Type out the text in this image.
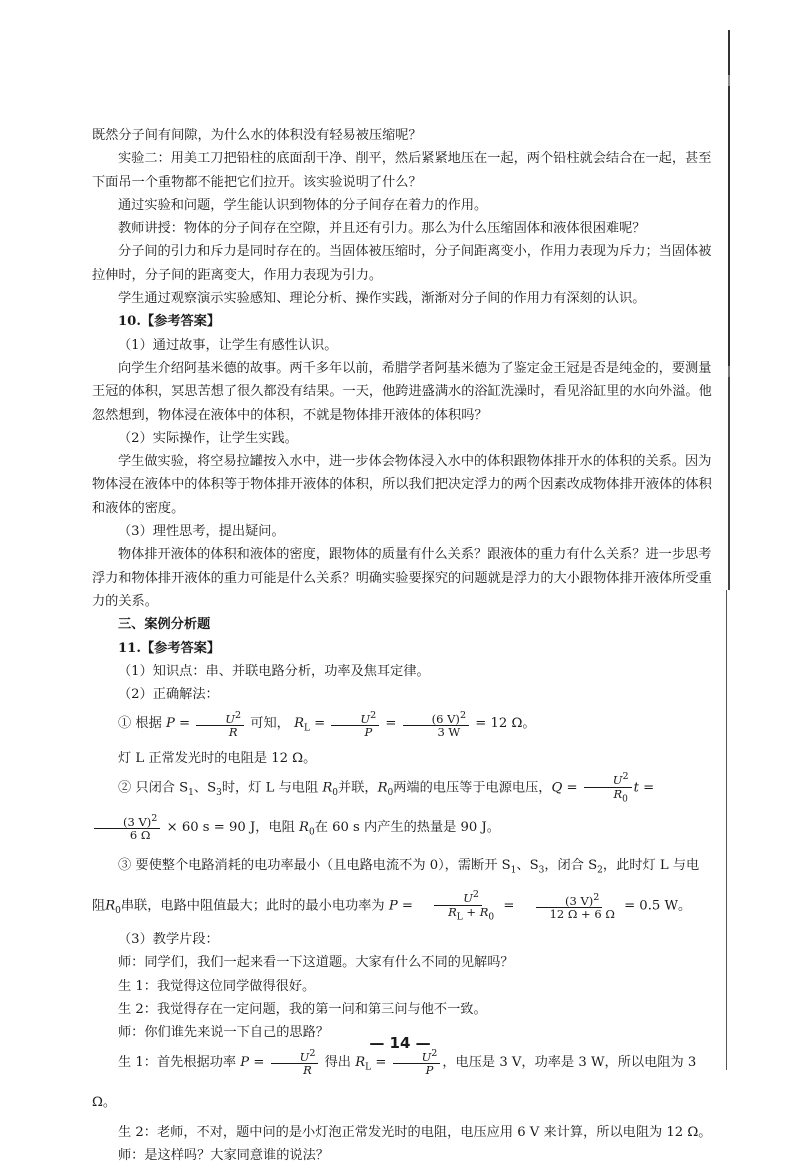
既然分子间有间隙，为什么水的体积没有轻易被压缩呢？

实验二：用美工刀把铅柱的底面刮干净、削平，然后紧紧地压在一起，两个铅柱就会结合在一起，甚至下面吊一个重物都不能把它们拉开。该实验说明了什么？

通过实验和问题，学生能认识到物体的分子间存在着力的作用。

教师讲授：物体的分子间存在空隙，并且还有引力。那么为什么压缩固体和液体很困难呢？

分子间的引力和斥力是同时存在的。当固体被压缩时，分子间距离变小，作用力表现为斥力；当固体被拉伸时，分子间的距离变大，作用力表现为引力。

学生通过观察演示实验感知、理论分析、操作实践，渐渐对分子间的作用力有深刻的认识。

10.【参考答案】

（1）通过故事，让学生有感性认识。

向学生介绍阿基米德的故事。两千多年以前，希腊学者阿基米德为了鉴定金王冠是否是纯金的，要测量王冠的体积，冥思苦想了很久都没有结果。一天，他跨进盛满水的浴缸洗澡时，看见浴缸里的水向外溢。他忽然想到，物体浸在液体中的体积，不就是物体排开液体的体积吗？

（2）实际操作，让学生实践。

学生做实验，将空易拉罐按入水中，进一步体会物体浸入水中的体积跟物体排开水的体积的关系。因为物体浸在液体中的体积等于物体排开液体的体积，所以我们把决定浮力的两个因素改成物体排开液体的体积和液体的密度。

（3）理性思考，提出疑问。

物体排开液体的体积和液体的密度，跟物体的质量有什么关系？跟液体的重力有什么关系？进一步思考浮力和物体排开液体的重力可能是什么关系？明确实验要探究的问题就是浮力的大小跟物体排开液体所受重力的关系。

三、案例分析题

11.【参考答案】

（1）知识点：串、并联电路分析，功率及焦耳定律。

（2）正确解法：

① 根据 $P = \frac{U^2}{R}$ 可知， $R_L = \frac{U^2}{P} = \frac{(6 V)^2}{3 W} = 12$ Ω。

灯 L 正常发光时的电阻是 12 Ω。

② 只闭合 $S_1$、$S_3$时，灯 L 与电阻 $R_0$并联，$R_0$两端的电压等于电源电压，$Q = \frac{U^2}{R_0}$ t =
$\frac{(3 V)^2}{6 \Omega} \times 60$ s = 90 J，电阻 $R_0$在 60 s 内产生的热量是 90 J。

③ 要使整个电路消耗的电功率最小（且电路电流不为 0），需断开 $S_1$、$S_3$，闭合 $S_2$，此时灯 L 与电阻$R_0$串联，电路中阻值最大；此时的最小电功率为 $P = \frac{U^2}{R_L + R_0} = \frac{(3 V)^2}{12 \Omega + 6 \Omega} = 0.5$ W。

（3）教学片段：

师：同学们，我们一起来看一下这道题。大家有什么不同的见解吗？

生 1：我觉得这位同学做得很好。

生 2：我觉得存在一定问题，我的第一问和第三问与他不一致。

师：你们谁先来说一下自己的思路？

生 1：首先根据功率 $P = \frac{U^2}{R}$ 得出 $R_L = \frac{U^2}{P}$ ，电压是 3 V，功率是 3 W，所以电阻为 3 Ω。

生 2：老师，不对，题中问的是小灯泡正常发光时的电阻，电压应用 6 V 来计算，所以电阻为 12 Ω。

师：是这样吗？大家同意谁的说法？

— 14 —
